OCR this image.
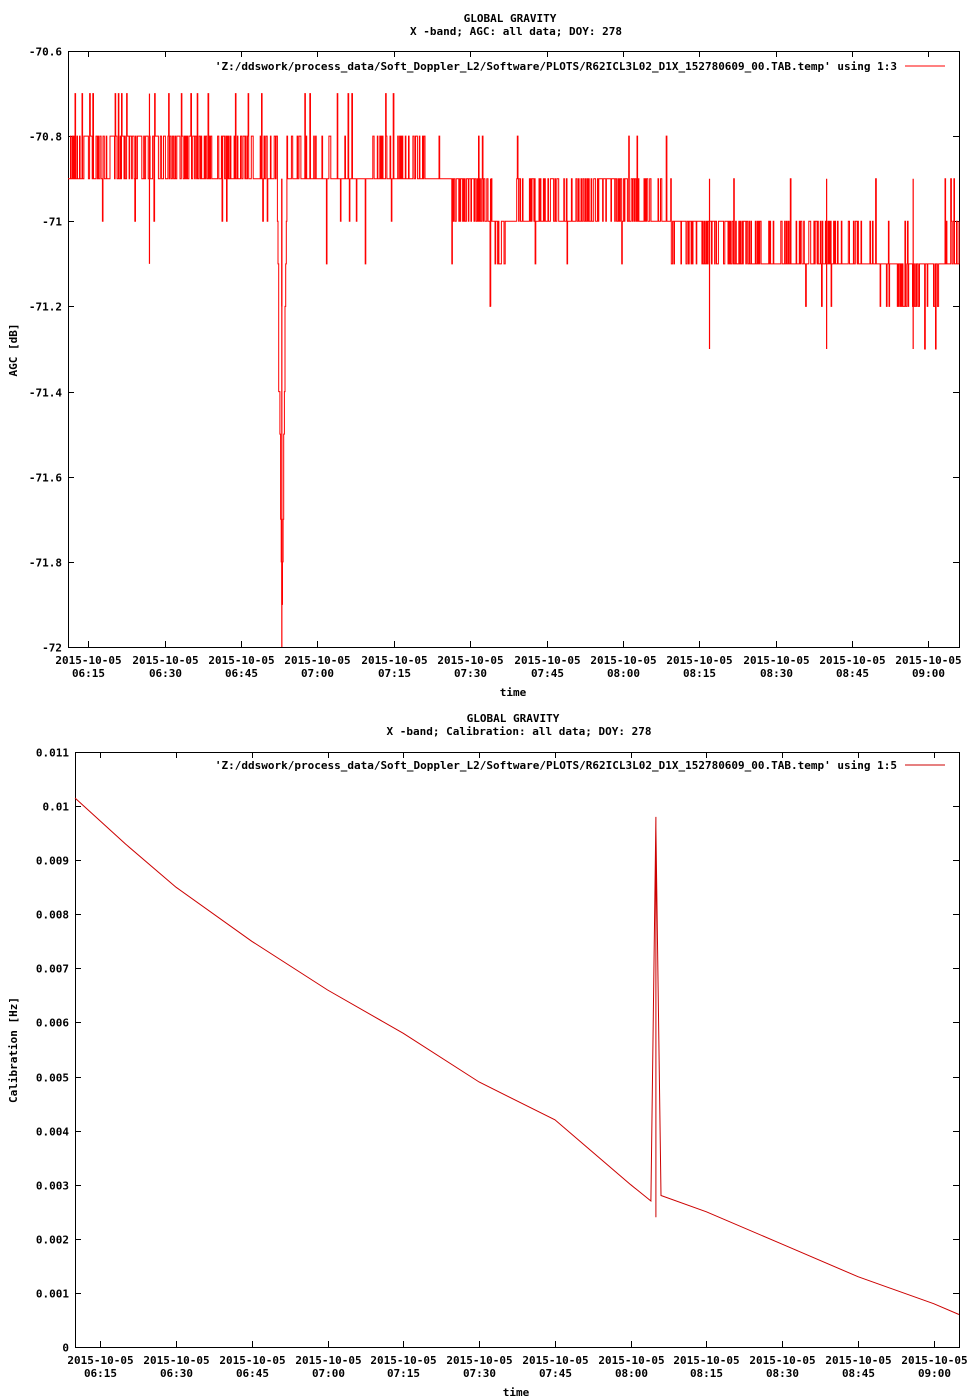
GLOBAL GRAVITY
X -band; AGC: all data; DOY: 278
time
AGC [dB]
'Z:/ddswork/process_data/Soft_Doppler_L2/Software/PLOTS/R62ICL3L02_D1X_152780609_00.TAB.temp' using 1:3
-70.6
-70.8
-71
-71.2
-71.4
-71.6
-71.8
-72
2015-10-05
06:15
2015-10-05
06:30
2015-10-05
06:45
2015-10-05
07:00
2015-10-05
07:15
2015-10-05
07:30
2015-10-05
07:45
2015-10-05
08:00
2015-10-05
08:15
2015-10-05
08:30
2015-10-05
08:45
2015-10-05
09:00
GLOBAL GRAVITY
X -band; Calibration: all data; DOY: 278
time
Calibration [Hz]
'Z:/ddswork/process_data/Soft_Doppler_L2/Software/PLOTS/R62ICL3L02_D1X_152780609_00.TAB.temp' using 1:5
0
0.001
0.002
0.003
0.004
0.005
0.006
0.007
0.008
0.009
0.01
0.011
2015-10-05
06:15
2015-10-05
06:30
2015-10-05
06:45
2015-10-05
07:00
2015-10-05
07:15
2015-10-05
07:30
2015-10-05
07:45
2015-10-05
08:00
2015-10-05
08:15
2015-10-05
08:30
2015-10-05
08:45
2015-10-05
09:00
